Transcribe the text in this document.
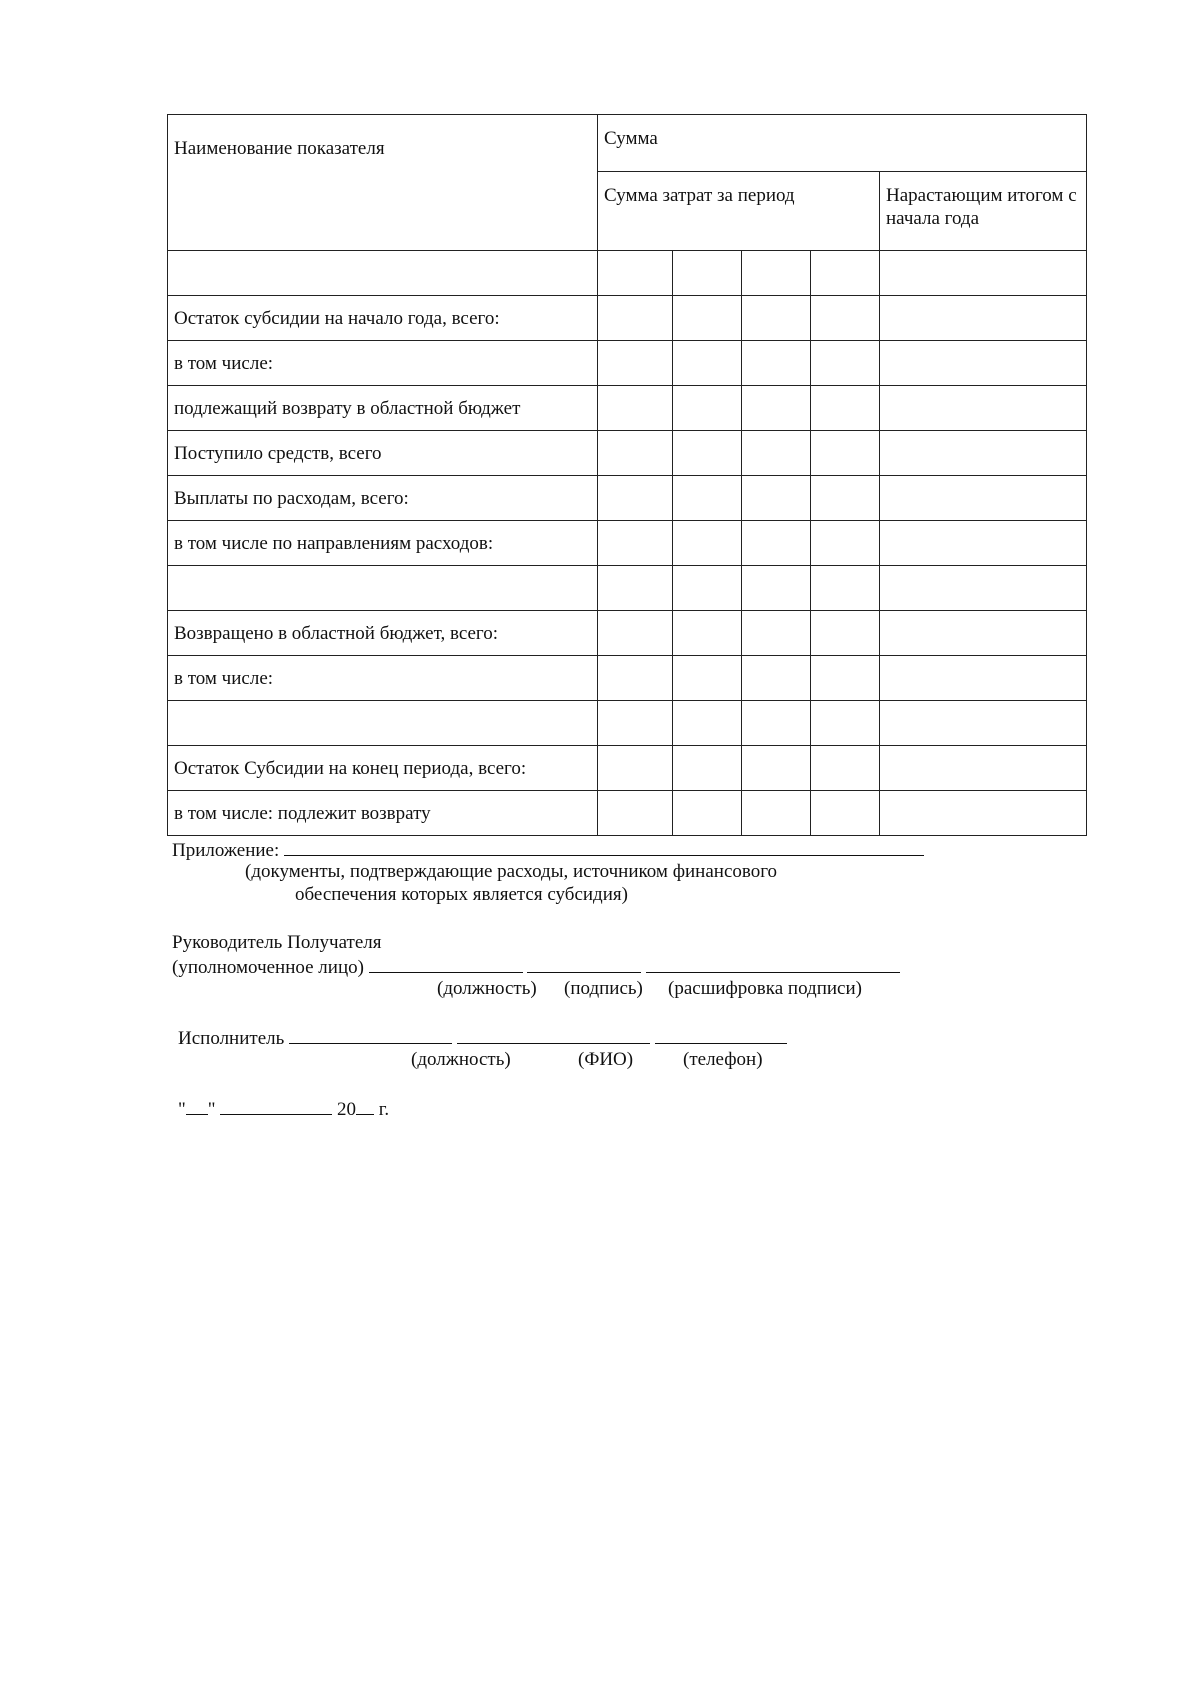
Наименование показателя	Сумма				
	Сумма затрат за период				Нарастающим итогом с начала года

Остаток субсидии на начало года, всего:					
в том числе:					
подлежащий возврату в областной бюджет					
Поступило средств, всего					
Выплаты по расходам, всего:					
в том числе по направлениям расходов:					

Возвращено в областной бюджет, всего:					
в том числе:					

Остаток Субсидии на конец периода, всего:					
в том числе: подлежит возврату					
Приложение:
(документы, подтверждающие расходы, источником финансового
обеспечения которых является субсидия)
Руководитель Получателя
(уполномоченное лицо)
(должность) (подпись) (расшифровка подписи)
Исполнитель
(должность)	(ФИО)	(телефон)
" "	20 г.
